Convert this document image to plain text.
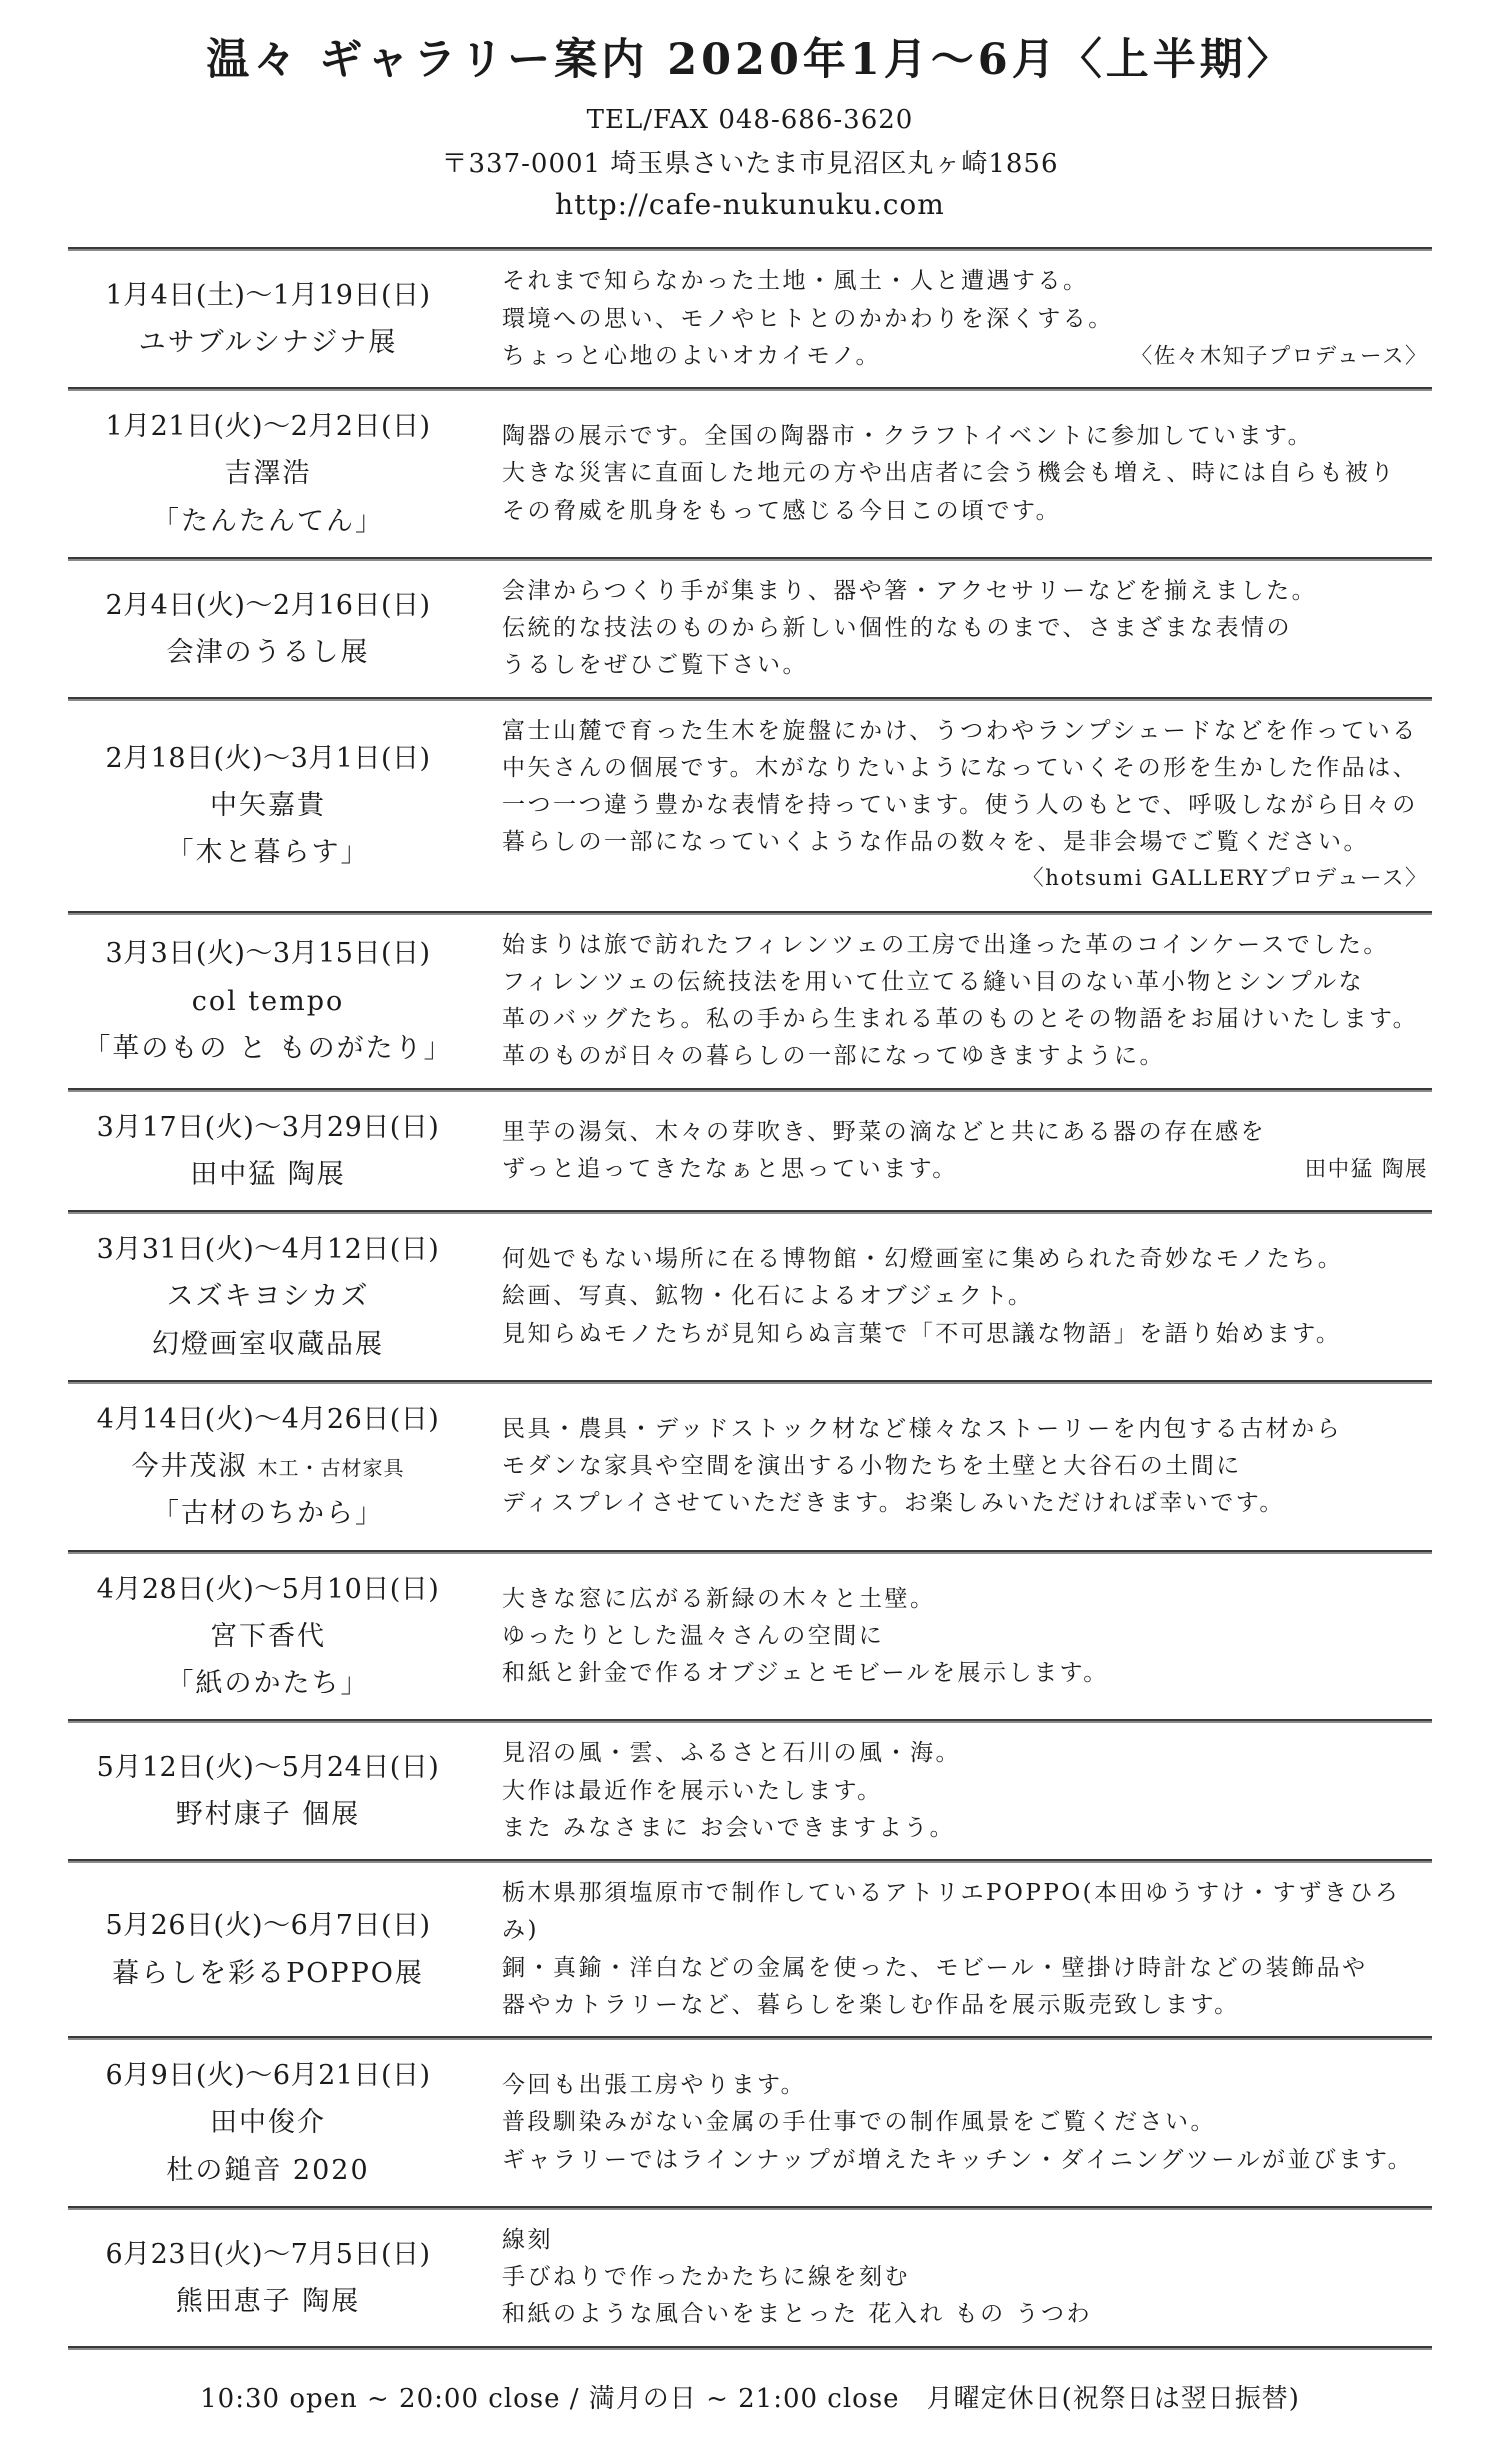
温々 ギャラリー案内 2020年1月〜6月〈上半期〉
TEL/FAX 048-686-3620
〒337-0001 埼玉県さいたま市見沼区丸ヶ崎1856
http://cafe-nukunuku.com
1月4日(土)〜1月19日(日)
ユサブルシナジナ展
それまで知らなかった土地・風土・人と遭遇する。
環境への思い、モノやヒトとのかかわりを深くする。
ちょっと心地のよいオカイモノ。	〈佐々木知子プロデュース〉
1月21日(火)〜2月2日(日)
吉澤浩
「たんたんてん」
陶器の展示です。全国の陶器市・クラフトイベントに参加しています。
大きな災害に直面した地元の方や出店者に会う機会も増え、時には自らも被り
その脅威を肌身をもって感じる今日この頃です。
2月4日(火)〜2月16日(日)
会津のうるし展
会津からつくり手が集まり、器や箸・アクセサリーなどを揃えました。
伝統的な技法のものから新しい個性的なものまで、さまざまな表情の
うるしをぜひご覧下さい。
2月18日(火)〜3月1日(日)
中矢嘉貴
「木と暮らす」
富士山麓で育った生木を旋盤にかけ、うつわやランプシェードなどを作っている
中矢さんの個展です。木がなりたいようになっていくその形を生かした作品は、
一つ一つ違う豊かな表情を持っています。使う人のもとで、呼吸しながら日々の
暮らしの一部になっていくような作品の数々を、是非会場でご覧ください。
〈hotsumi GALLERYプロデュース〉
3月3日(火)〜3月15日(日)
col tempo
「革のもの と ものがたり」
始まりは旅で訪れたフィレンツェの工房で出逢った革のコインケースでした。
フィレンツェの伝統技法を用いて仕立てる縫い目のない革小物とシンプルな
革のバッグたち。私の手から生まれる革のものとその物語をお届けいたします。
革のものが日々の暮らしの一部になってゆきますように。
3月17日(火)〜3月29日(日)
田中猛 陶展
里芋の湯気、木々の芽吹き、野菜の滴などと共にある器の存在感を
ずっと追ってきたなぁと思っています。	田中猛 陶展
3月31日(火)〜4月12日(日)
スズキヨシカズ
幻燈画室収蔵品展
何処でもない場所に在る博物館・幻燈画室に集められた奇妙なモノたち。
絵画、写真、鉱物・化石によるオブジェクト。
見知らぬモノたちが見知らぬ言葉で「不可思議な物語」を語り始めます。
4月14日(火)〜4月26日(日)
今井茂淑 木工・古材家具
「古材のちから」
民具・農具・デッドストック材など様々なストーリーを内包する古材から
モダンな家具や空間を演出する小物たちを土壁と大谷石の土間に
ディスプレイさせていただきます。お楽しみいただければ幸いです。
4月28日(火)〜5月10日(日)
宮下香代
「紙のかたち」
大きな窓に広がる新緑の木々と土壁。
ゆったりとした温々さんの空間に
和紙と針金で作るオブジェとモビールを展示します。
5月12日(火)〜5月24日(日)
野村康子 個展
見沼の風・雲、ふるさと石川の風・海。
大作は最近作を展示いたします。
また みなさまに お会いできますよう。
5月26日(火)〜6月7日(日)
暮らしを彩るPOPPO展
栃木県那須塩原市で制作しているアトリエPOPPO(本田ゆうすけ・すずきひろみ)
銅・真鍮・洋白などの金属を使った、モビール・壁掛け時計などの装飾品や
器やカトラリーなど、暮らしを楽しむ作品を展示販売致します。
6月9日(火)〜6月21日(日)
田中俊介
杜の鎚音 2020
今回も出張工房やります。
普段馴染みがない金属の手仕事での制作風景をご覧ください。
ギャラリーではラインナップが増えたキッチン・ダイニングツールが並びます。
6月23日(火)〜7月5日(日)
熊田恵子 陶展
線刻
手びねりで作ったかたちに線を刻む
和紙のような風合いをまとった 花入れ もの うつわ
10:30 open ~ 20:00 close / 満月の日 ~ 21:00 close　月曜定休日(祝祭日は翌日振替)
